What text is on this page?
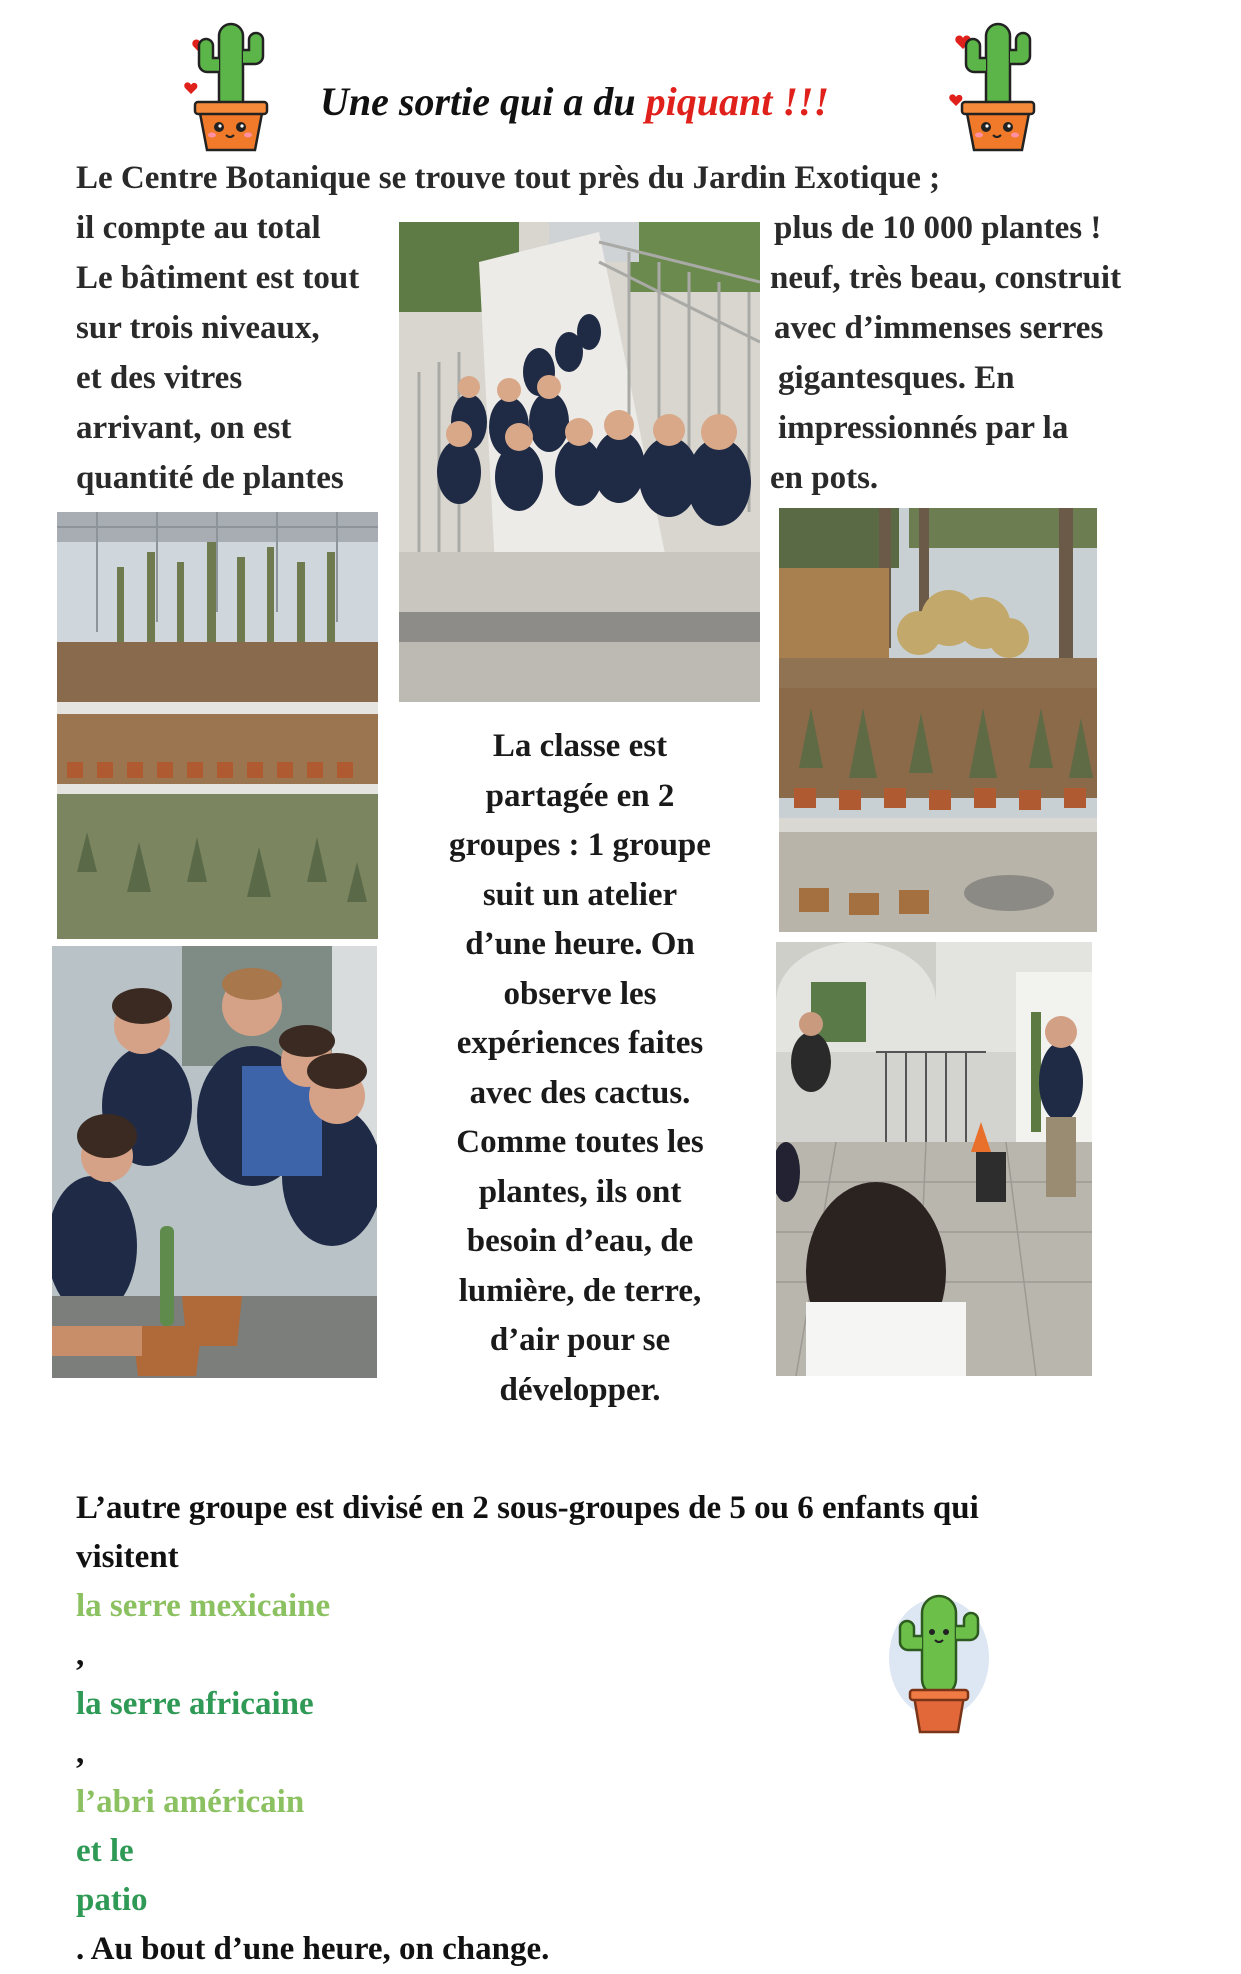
Une sortie qui a du piquant !!!
Le Centre Botanique se trouve tout près du Jardin Exotique ;
il compte au total
Le bâtiment est tout
sur trois niveaux,
et des vitres
arrivant, on est
quantité de plantes
plus de 10 000 plantes !
neuf, très beau, construit
avec d’immenses serres
gigantesques. En
impressionnés par la
en pots.
La classe est
partagée en 2
groupes : 1 groupe
suit un atelier
d’une heure. On
observe les
expériences faites
avec des cactus.
Comme toutes les
plantes, ils ont
besoin d’eau, de
lumière, de terre,
d’air pour se
développer.
L’autre groupe est divisé en 2 sous-groupes de 5 ou 6 enfants qui
visitent
la serre mexicaine
,
la serre africaine
,
l’abri américain
et le
patio
. Au bout d’une heure, on change.
